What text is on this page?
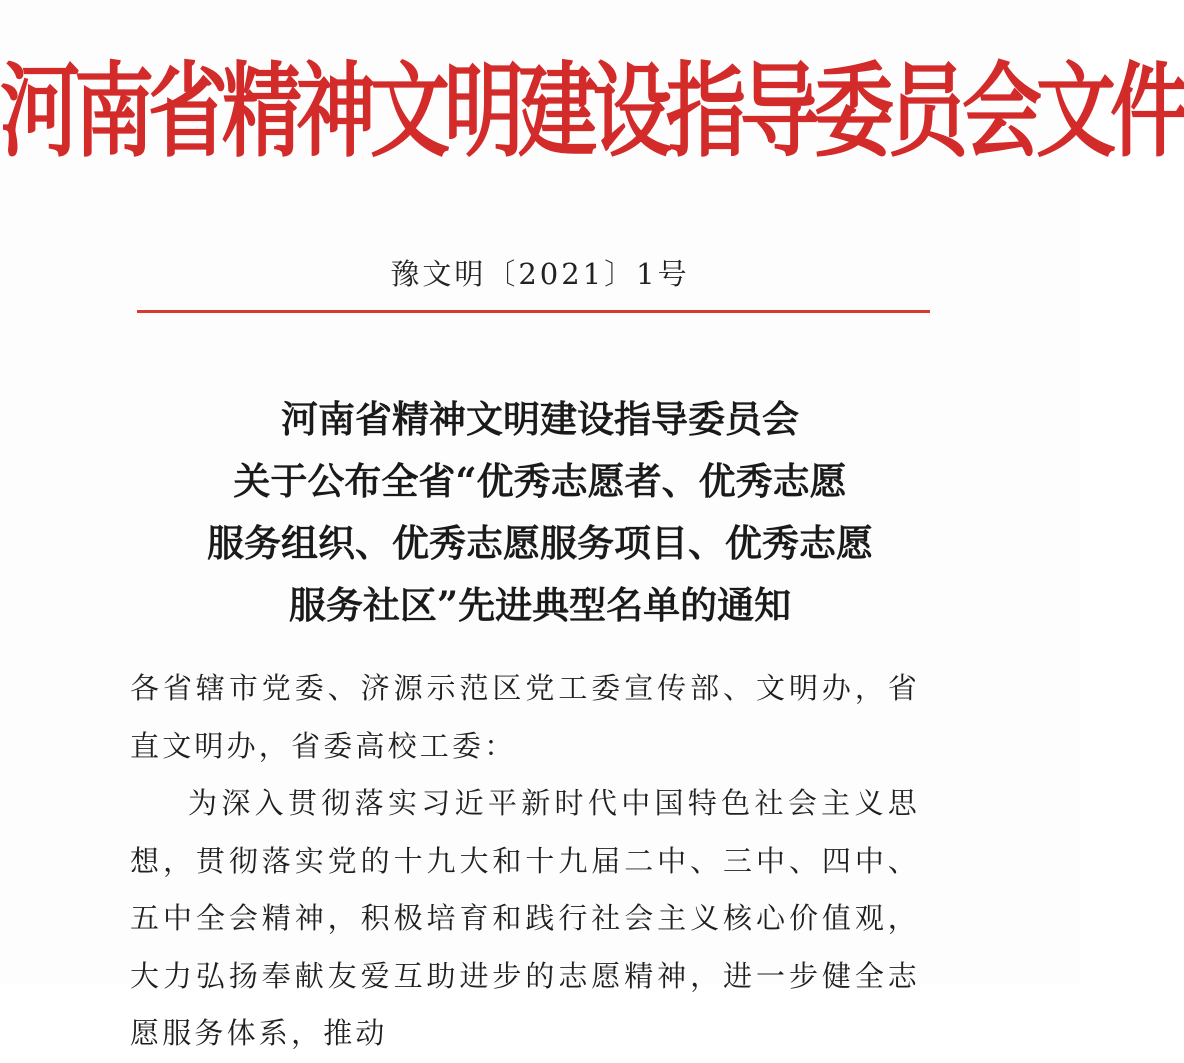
河南省精神文明建设指导委员会文件
豫文明〔2021〕1号
河南省精神文明建设指导委员会
关于公布全省“优秀志愿者、优秀志愿
服务组织、优秀志愿服务项目、优秀志愿
服务社区”先进典型名单的通知

各省辖市党委、济源示范区党工委宣传部、文明办，省直文明办，省委高校工委：

为深入贯彻落实习近平新时代中国特色社会主义思想，贯彻落实党的十九大和十九届二中、三中、四中、五中全会精神，积极培育和践行社会主义核心价值观，大力弘扬奉献友爱互助进步的志愿精神，进一步健全志愿服务体系，推动
